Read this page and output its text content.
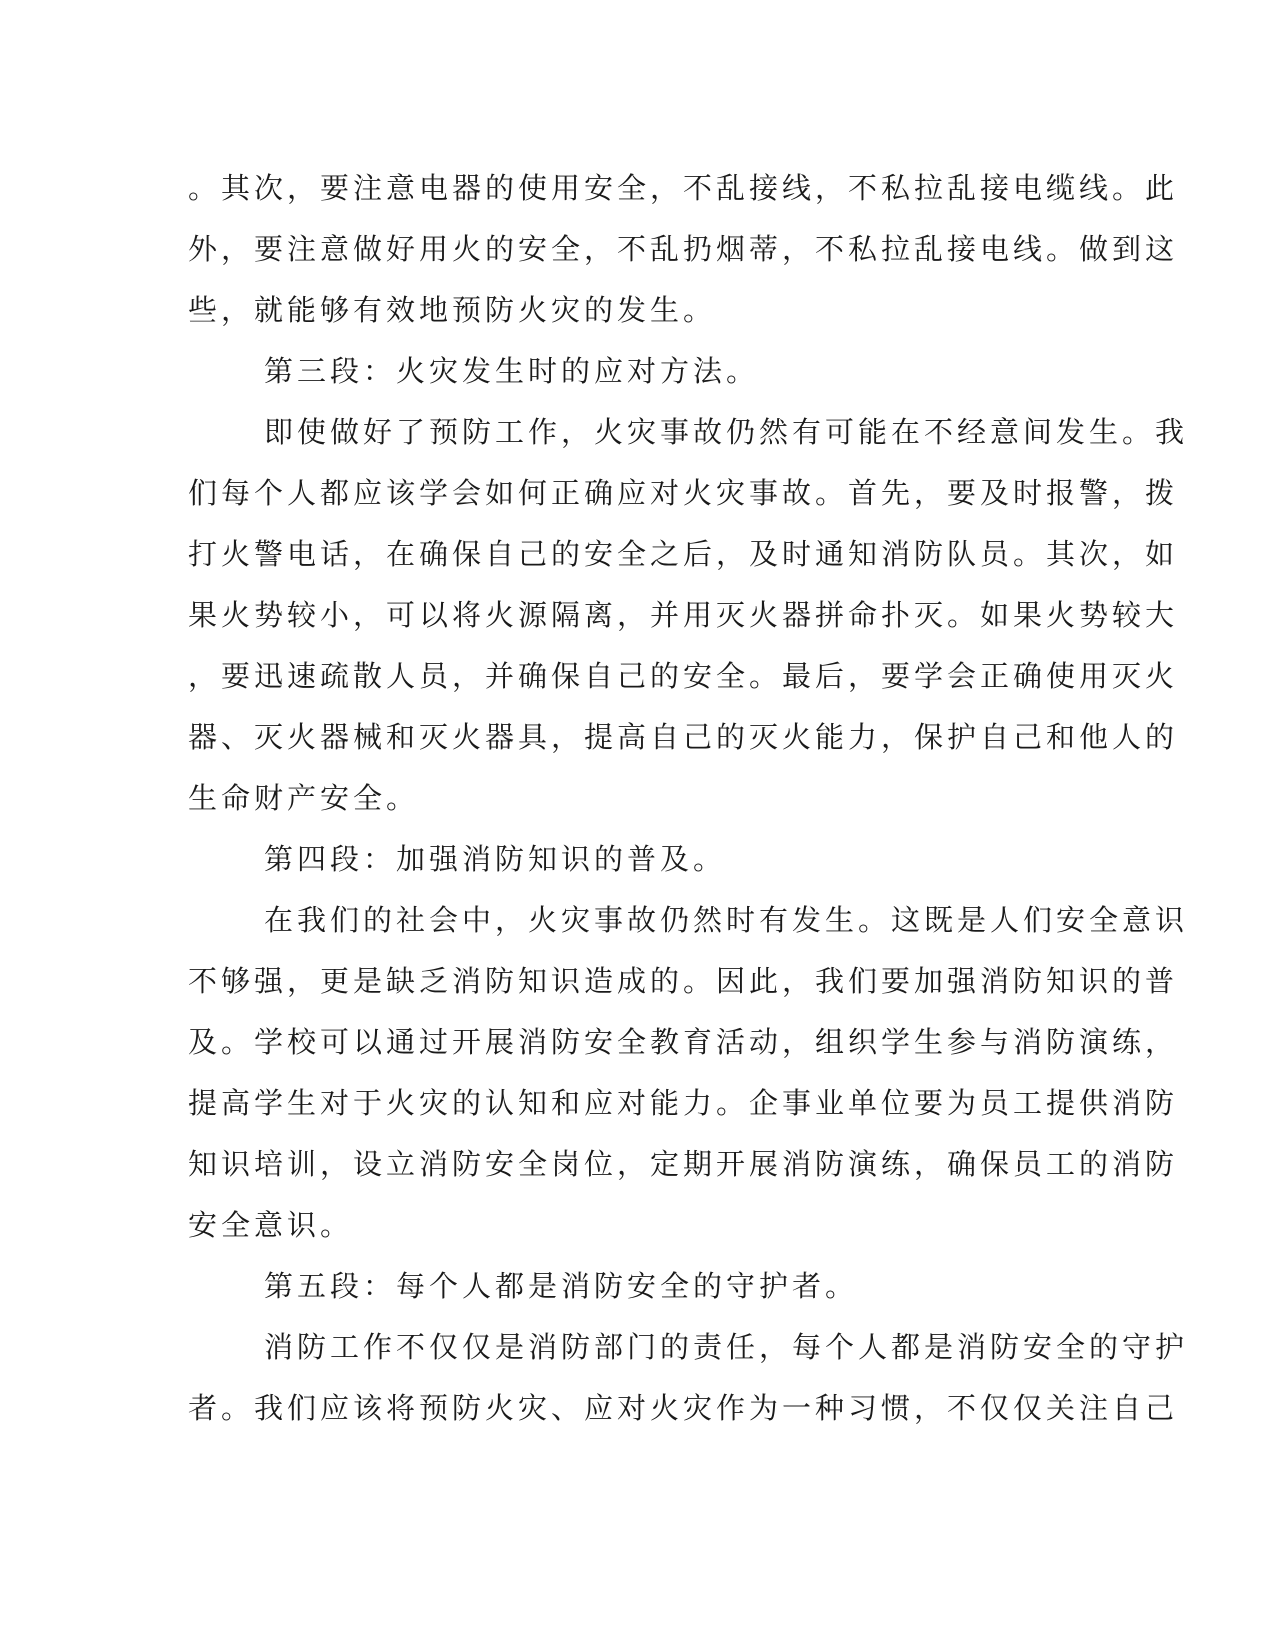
。其次，要注意电器的使用安全，不乱接线，不私拉乱接电缆线。此
外，要注意做好用火的安全，不乱扔烟蒂，不私拉乱接电线。做到这
些，就能够有效地预防火灾的发生。
第三段：火灾发生时的应对方法。
即使做好了预防工作，火灾事故仍然有可能在不经意间发生。我
们每个人都应该学会如何正确应对火灾事故。首先，要及时报警，拨
打火警电话，在确保自己的安全之后，及时通知消防队员。其次，如
果火势较小，可以将火源隔离，并用灭火器拼命扑灭。如果火势较大
，要迅速疏散人员，并确保自己的安全。最后，要学会正确使用灭火
器、灭火器械和灭火器具，提高自己的灭火能力，保护自己和他人的
生命财产安全。
第四段：加强消防知识的普及。
在我们的社会中，火灾事故仍然时有发生。这既是人们安全意识
不够强，更是缺乏消防知识造成的。因此，我们要加强消防知识的普
及。学校可以通过开展消防安全教育活动，组织学生参与消防演练，
提高学生对于火灾的认知和应对能力。企事业单位要为员工提供消防
知识培训，设立消防安全岗位，定期开展消防演练，确保员工的消防
安全意识。
第五段：每个人都是消防安全的守护者。
消防工作不仅仅是消防部门的责任，每个人都是消防安全的守护
者。我们应该将预防火灾、应对火灾作为一种习惯，不仅仅关注自己
